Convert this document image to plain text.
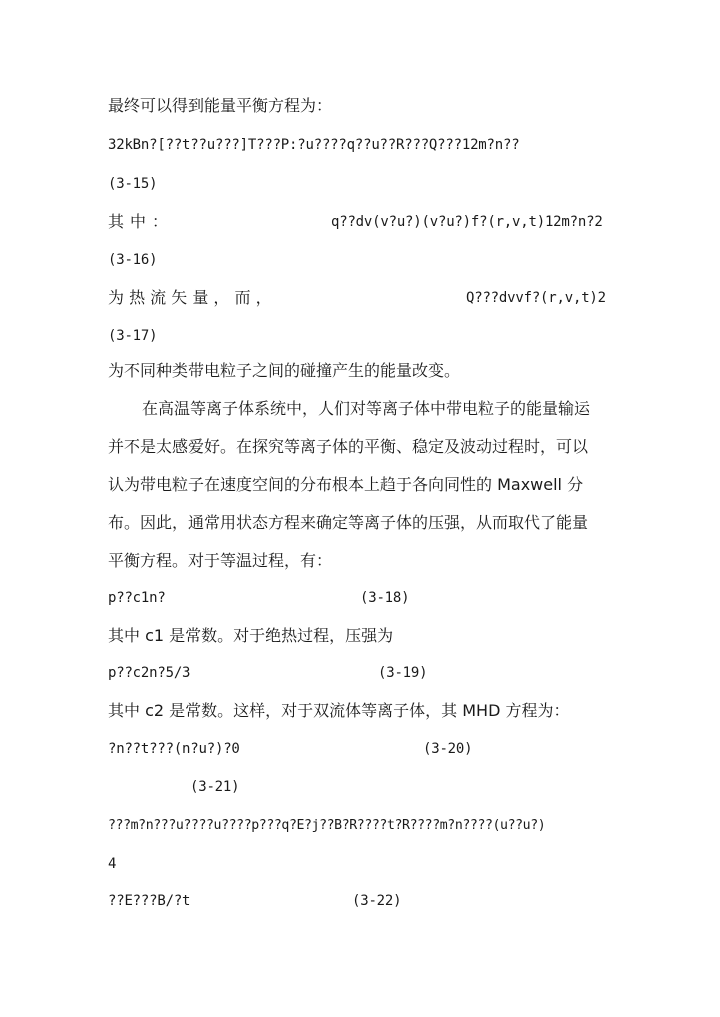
最终可以得到能量平衡方程为：
32kBn?[??t??u???]T???P:?u????q??u??R???Q???12m?n??
(3-15)
其中：	q??dv(v?u?)(v?u?)f?(r,v,t)12m?n?2
(3-16)
为 热 流 矢 量 ， 而 ，	Q???dvvf?(r,v,t)2
(3-17)
为不同种类带电粒子之间的碰撞产生的能量改变。
在高温等离子体系统中，人们对等离子体中带电粒子的能量输运
并不是太感爱好。在探究等离子体的平衡、稳定及波动过程时，可以
认为带电粒子在速度空间的分布根本上趋于各向同性的 Maxwell 分
布。因此，通常用状态方程来确定等离子体的压强，从而取代了能量
平衡方程。对于等温过程，有：
p??c1n?	(3-18)
其中 c1 是常数。对于绝热过程，压强为
p??c2n?5/3	(3-19)
其中 c2 是常数。这样，对于双流体等离子体，其 MHD 方程为：
?n??t???(n?u?)?0	(3-20)
(3-21)
???m?n???u????u????p???q?E?j??B?R????t?R????m?n????(u??u?)
4
??E???B/?t	(3-22)
